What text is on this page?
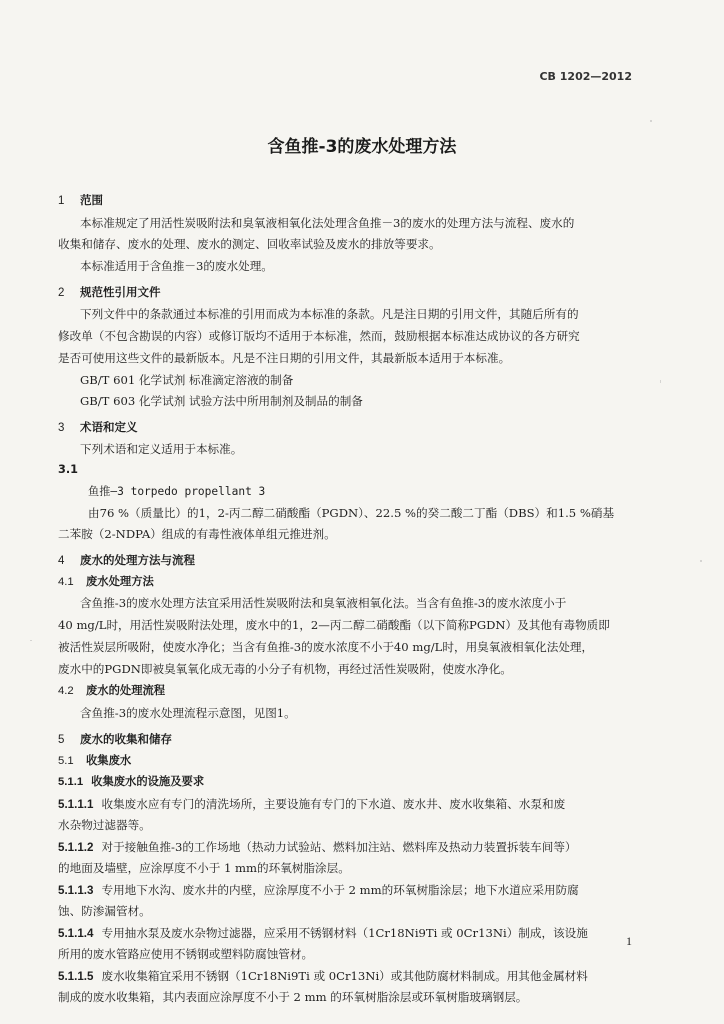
CB 1202—2012
含鱼推-3的废水处理方法
1 范围
本标准规定了用活性炭吸附法和臭氧液相氧化法处理含鱼推－3的废水的处理方法与流程、废水的
收集和储存、废水的处理、废水的测定、回收率试验及废水的排放等要求。
本标准适用于含鱼推－3的废水处理。
2 规范性引用文件
下列文件中的条款通过本标准的引用而成为本标准的条款。凡是注日期的引用文件，其随后所有的
修改单（不包含勘误的内容）或修订版均不适用于本标准，然而，鼓励根据本标准达成协议的各方研究
是否可使用这些文件的最新版本。凡是不注日期的引用文件，其最新版本适用于本标准。
GB/T 601 化学试剂 标准滴定溶液的制备
GB/T 603 化学试剂 试验方法中所用制剂及制品的制备
3 术语和定义
下列术语和定义适用于本标准。
3.1
鱼推—3 torpedo propellant 3
由76 %（质量比）的1，2-丙二醇二硝酸酯（PGDN）、22.5 %的癸二酸二丁酯（DBS）和1.5 %硝基
二苯胺（2-NDPA）组成的有毒性液体单组元推进剂。
4 废水的处理方法与流程
4.1 废水处理方法
含鱼推-3的废水处理方法宜采用活性炭吸附法和臭氧液相氧化法。当含有鱼推-3的废水浓度小于
40 mg/L时，用活性炭吸附法处理，废水中的1，2—丙二醇二硝酸酯（以下简称PGDN）及其他有毒物质即
被活性炭层所吸附，使废水净化；当含有鱼推-3的废水浓度不小于40 mg/L时，用臭氧液相氧化法处理，
废水中的PGDN即被臭氧氧化成无毒的小分子有机物，再经过活性炭吸附，使废水净化。
4.2 废水的处理流程
含鱼推-3的废水处理流程示意图，见图1。
5 废水的收集和储存
5.1 收集废水
5.1.1 收集废水的设施及要求
5.1.1.1 收集废水应有专门的清洗场所，主要设施有专门的下水道、废水井、废水收集箱、水泵和废
水杂物过滤器等。
5.1.1.2 对于接触鱼推-3的工作场地（热动力试验站、燃料加注站、燃料库及热动力装置拆装车间等）
的地面及墙壁，应涂厚度不小于 1 mm的环氧树脂涂层。
5.1.1.3 专用地下水沟、废水井的内壁，应涂厚度不小于 2 mm的环氧树脂涂层；地下水道应采用防腐
蚀、防渗漏管材。
5.1.1.4 专用抽水泵及废水杂物过滤器，应采用不锈钢材料（1Cr18Ni9Ti 或 0Cr13Ni）制成，该设施
所用的废水管路应使用不锈钢或塑料防腐蚀管材。
5.1.1.5 废水收集箱宜采用不锈钢（1Cr18Ni9Ti 或 0Cr13Ni）或其他防腐材料制成。用其他金属材料
制成的废水收集箱，其内表面应涂厚度不小于 2 mm 的环氧树脂涂层或环氧树脂玻璃钢层。
1
